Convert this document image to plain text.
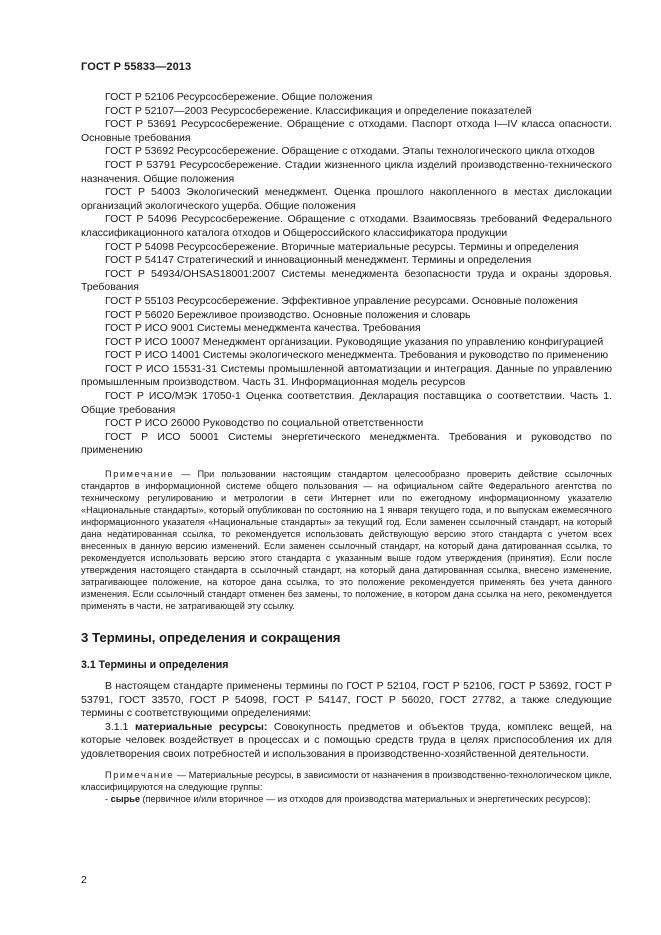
ГОСТ Р 55833—2013

ГОСТ Р 52106 Ресурсосбережение. Общие положения

ГОСТ Р 52107—2003 Ресурсосбережение. Классификация и определение показателей

ГОСТ Р 53691 Ресурсосбережение. Обращение с отходами. Паспорт отхода I—IV класса опасности. Основные требования

ГОСТ Р 53692 Ресурсосбережение. Обращение с отходами. Этапы технологического цикла отходов

ГОСТ Р 53791 Ресурсосбережение. Стадии жизненного цикла изделий производственно-технического назначения. Общие положения

ГОСТ Р 54003 Экологический менеджмент. Оценка прошлого накопленного в местах дислокации организаций экологического ущерба. Общие положения

ГОСТ Р 54096 Ресурсосбережение. Обращение с отходами. Взаимосвязь требований Федерального классификационного каталога отходов и Общероссийского классификатора продукции

ГОСТ Р 54098 Ресурсосбережение. Вторичные материальные ресурсы. Термины и определения

ГОСТ Р 54147 Стратегический и инновационный менеджмент. Термины и определения

ГОСТ Р 54934/OHSAS18001:2007 Системы менеджмента безопасности труда и охраны здоровья. Требования

ГОСТ Р 55103 Ресурсосбережение. Эффективное управление ресурсами. Основные положения

ГОСТ Р 56020 Бережливое производство. Основные положения и словарь

ГОСТ Р ИСО 9001 Системы менеджмента качества. Требования

ГОСТ Р ИСО 10007 Менеджмент организации. Руководящие указания по управлению конфигурацией

ГОСТ Р ИСО 14001 Системы экологического менеджмента. Требования и руководство по применению

ГОСТ Р ИСО 15531-31 Системы промышленной автоматизации и интеграция. Данные по управлению промышленным производством. Часть 31. Информационная модель ресурсов

ГОСТ Р ИСО/МЭК 17050-1 Оценка соответствия. Декларация поставщика о соответствии. Часть 1. Общие требования

ГОСТ Р ИСО 26000 Руководство по социальной ответственности

ГОСТ Р ИСО 50001 Системы энергетического менеджмента. Требования и руководство по применению

Примечание — При пользовании настоящим стандартом целесообразно проверить действие ссылочных стандартов в информационной системе общего пользования — на официальном сайте Федерального агентства по техническому регулированию и метрологии в сети Интернет или по ежегодному информационному указателю «Национальные стандарты», который опубликован по состоянию на 1 января текущего года, и по выпускам ежемесячного информационного указателя «Национальные стандарты» за текущий год. Если заменен ссылочный стандарт, на который дана недатированная ссылка, то рекомендуется использовать действующую версию этого стандарта с учетом всех внесенных в данную версию изменений. Если заменен ссылочный стандарт, на который дана датированная ссылка, то рекомендуется использовать версию этого стандарта с указанным выше годом утверждения (принятия). Если после утверждения настоящего стандарта в ссылочный стандарт, на который дана датированная ссылка, внесено изменение, затрагивающее положение, на которое дана ссылка, то это положение рекомендуется применять без учета данного изменения. Если ссылочный стандарт отменен без замены, то положение, в котором дана ссылка на него, рекомендуется применять в части, не затрагивающей эту ссылку.

3 Термины, определения и сокращения
3.1 Термины и определения

В настоящем стандарте применены термины по ГОСТ Р 52104, ГОСТ Р 52106, ГОСТ Р 53692, ГОСТ Р 53791, ГОСТ 33570, ГОСТ Р 54098, ГОСТ Р 54147, ГОСТ Р 56020, ГОСТ 27782, а также следующие термины с соответствующими определениями:

3.1.1 материальные ресурсы: Совокупность предметов и объектов труда, комплекс вещей, на которые человек воздействует в процессах и с помощью средств труда в целях приспособления их для удовлетворения своих потребностей и использования в производственно-хозяйственной деятельности.

Примечание — Материальные ресурсы, в зависимости от назначения в производственно-технологическом цикле, классифицируются на следующие группы:

- сырье (первичное и/или вторичное — из отходов для производства материальных и энергетических ресурсов);

2
